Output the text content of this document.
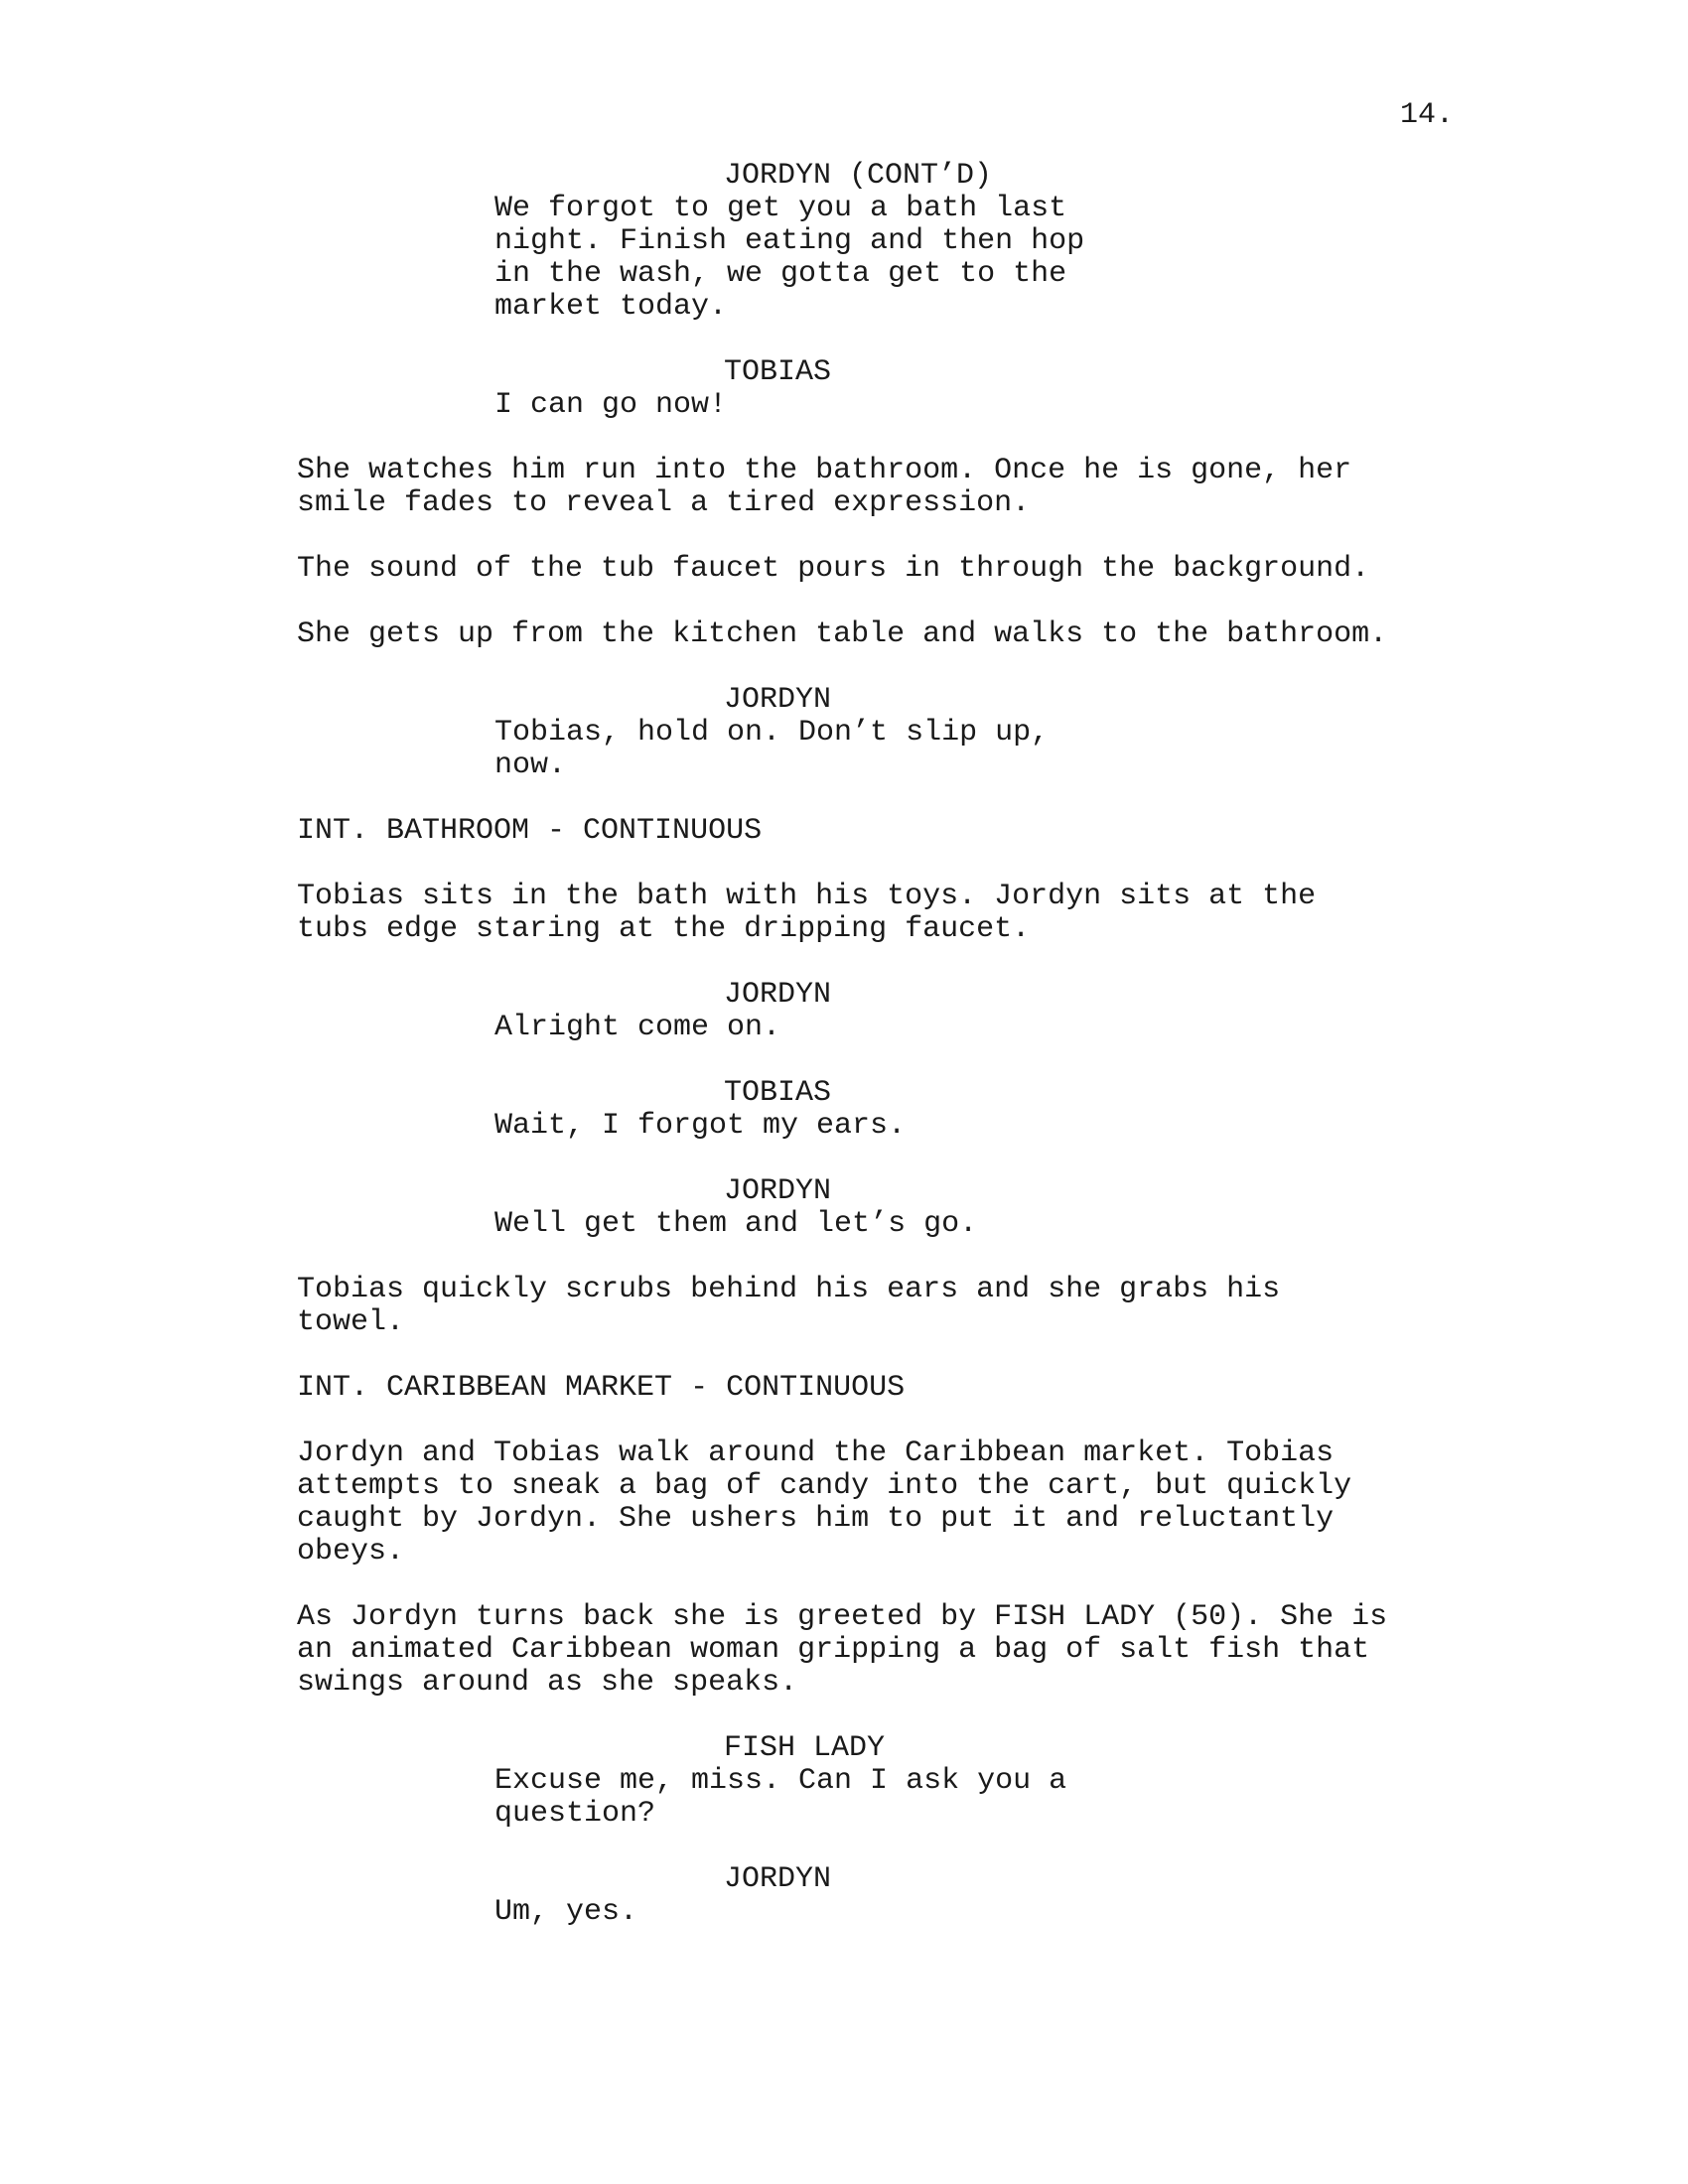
14.

JORDYN (CONT’D)

We forgot to get you a bath last
night. Finish eating and then hop
in the wash, we gotta get to the
market today.

TOBIAS

I can go now!

She watches him run into the bathroom. Once he is gone, her
smile fades to reveal a tired expression.

The sound of the tub faucet pours in through the background.

She gets up from the kitchen table and walks to the bathroom.

JORDYN

Tobias, hold on. Don’t slip up,
now.

INT. BATHROOM - CONTINUOUS

Tobias sits in the bath with his toys. Jordyn sits at the
tubs edge staring at the dripping faucet.

JORDYN

Alright come on.

TOBIAS

Wait, I forgot my ears.

JORDYN

Well get them and let’s go.

Tobias quickly scrubs behind his ears and she grabs his
towel.

INT. CARIBBEAN MARKET - CONTINUOUS

Jordyn and Tobias walk around the Caribbean market. Tobias
attempts to sneak a bag of candy into the cart, but quickly
caught by Jordyn. She ushers him to put it and reluctantly
obeys.

As Jordyn turns back she is greeted by FISH LADY (50). She is
an animated Caribbean woman gripping a bag of salt fish that
swings around as she speaks.

FISH LADY

Excuse me, miss. Can I ask you a
question?

JORDYN

Um, yes.
